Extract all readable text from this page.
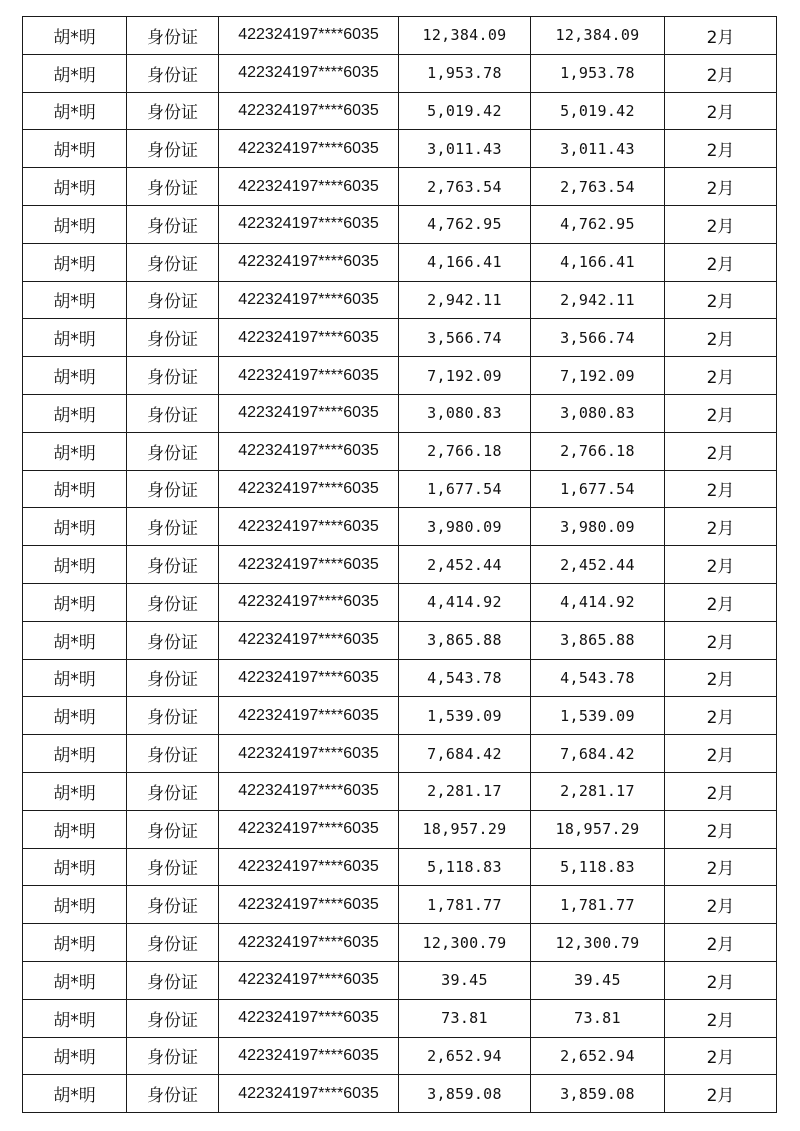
胡*明	身份证	422324197****6035	12,384.09	12,384.09	2月
胡*明	身份证	422324197****6035	1,953.78	1,953.78	2月
胡*明	身份证	422324197****6035	5,019.42	5,019.42	2月
胡*明	身份证	422324197****6035	3,011.43	3,011.43	2月
胡*明	身份证	422324197****6035	2,763.54	2,763.54	2月
胡*明	身份证	422324197****6035	4,762.95	4,762.95	2月
胡*明	身份证	422324197****6035	4,166.41	4,166.41	2月
胡*明	身份证	422324197****6035	2,942.11	2,942.11	2月
胡*明	身份证	422324197****6035	3,566.74	3,566.74	2月
胡*明	身份证	422324197****6035	7,192.09	7,192.09	2月
胡*明	身份证	422324197****6035	3,080.83	3,080.83	2月
胡*明	身份证	422324197****6035	2,766.18	2,766.18	2月
胡*明	身份证	422324197****6035	1,677.54	1,677.54	2月
胡*明	身份证	422324197****6035	3,980.09	3,980.09	2月
胡*明	身份证	422324197****6035	2,452.44	2,452.44	2月
胡*明	身份证	422324197****6035	4,414.92	4,414.92	2月
胡*明	身份证	422324197****6035	3,865.88	3,865.88	2月
胡*明	身份证	422324197****6035	4,543.78	4,543.78	2月
胡*明	身份证	422324197****6035	1,539.09	1,539.09	2月
胡*明	身份证	422324197****6035	7,684.42	7,684.42	2月
胡*明	身份证	422324197****6035	2,281.17	2,281.17	2月
胡*明	身份证	422324197****6035	18,957.29	18,957.29	2月
胡*明	身份证	422324197****6035	5,118.83	5,118.83	2月
胡*明	身份证	422324197****6035	1,781.77	1,781.77	2月
胡*明	身份证	422324197****6035	12,300.79	12,300.79	2月
胡*明	身份证	422324197****6035	39.45	39.45	2月
胡*明	身份证	422324197****6035	73.81	73.81	2月
胡*明	身份证	422324197****6035	2,652.94	2,652.94	2月
胡*明	身份证	422324197****6035	3,859.08	3,859.08	2月
